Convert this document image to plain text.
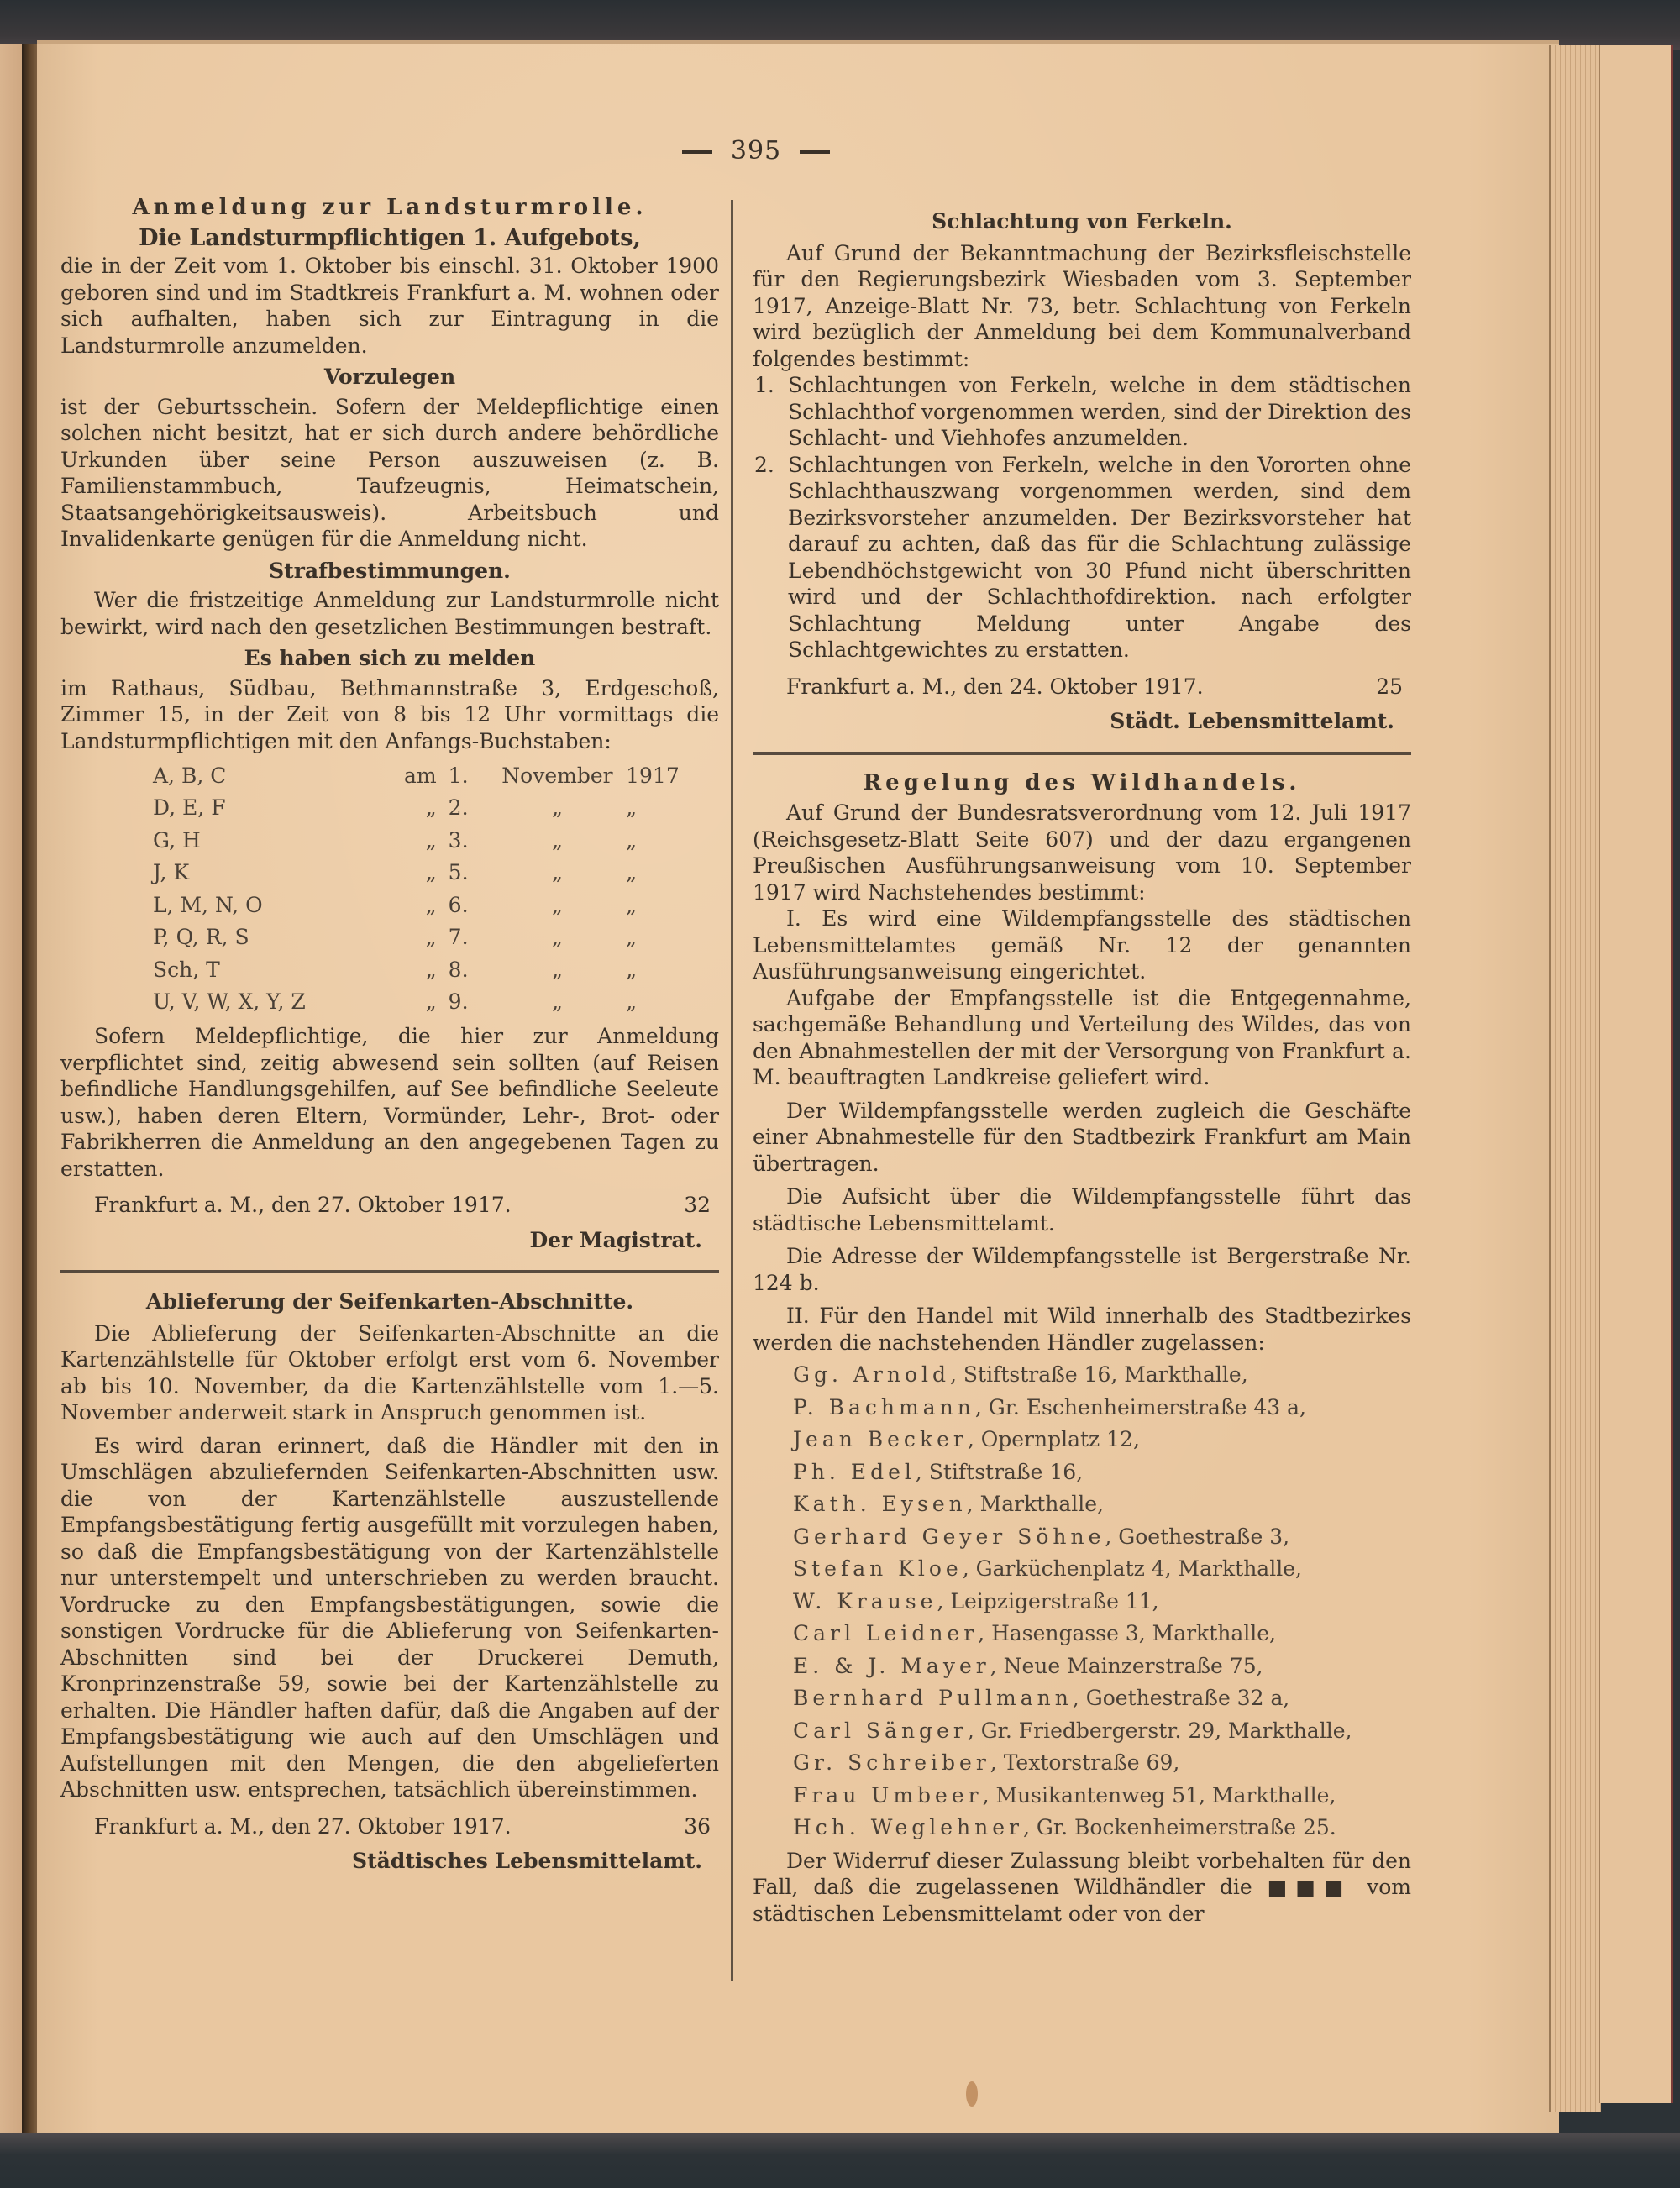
395
Anmeldung zur Landsturmrolle.
Die Landsturmpflichtigen 1. Aufgebots,

die in der Zeit vom 1. Oktober bis einschl. 31. Oktober 1900 geboren sind und im Stadtkreis Frankfurt a. M. wohnen oder sich aufhalten, haben sich zur Eintragung in die Landsturmrolle anzumelden.

Vorzulegen

ist der Geburtsschein. Sofern der Meldepflichtige einen solchen nicht besitzt, hat er sich durch andere behördliche Urkunden über seine Person auszuweisen (z. B. Familienstammbuch, Taufzeugnis, Heimatschein, Staatsangehörigkeitsausweis). Arbeitsbuch und Invalidenkarte genügen für die Anmeldung nicht.

Strafbestimmungen.

Wer die fristzeitige Anmeldung zur Landsturmrolle nicht bewirkt, wird nach den gesetzlichen Bestimmungen bestraft.

Es haben sich zu melden

im Rathaus, Südbau, Bethmannstraße 3, Erdgeschoß, Zimmer 15, in der Zeit von 8 bis 12 Uhr vormittags die Landsturmpflichtigen mit den Anfangs-Buchstaben:

A, B, C	am 1.	November 1917
D, E, F	„ 2.	„	„
G, H	„ 3.	„	„
J, K	„ 5.	„	„
L, M, N, O	„ 6.	„	„
P, Q, R, S	„ 7.	„	„
Sch, T	„ 8.	„	„
U, V, W, X, Y, Z	„ 9.	„	„

Sofern Meldepflichtige, die hier zur Anmeldung verpflichtet sind, zeitig abwesend sein sollten (auf Reisen befindliche Handlungsgehilfen, auf See befindliche Seeleute usw.), haben deren Eltern, Vormünder, Lehr-, Brot- oder Fabrikherren die Anmeldung an den angegebenen Tagen zu erstatten.

Frankfurt a. M., den 27. Oktober 1917.	32
Der Magistrat.
Ablieferung der Seifenkarten-Abschnitte.

Die Ablieferung der Seifenkarten-Abschnitte an die Kartenzählstelle für Oktober erfolgt erst vom 6. November ab bis 10. November, da die Kartenzählstelle vom 1.—5. November anderweit stark in Anspruch genommen ist.

Es wird daran erinnert, daß die Händler mit den in Umschlägen abzuliefernden Seifenkarten-Abschnitten usw. die von der Kartenzählstelle auszustellende Empfangsbestätigung fertig ausgefüllt mit vorzulegen haben, so daß die Empfangsbestätigung von der Kartenzählstelle nur unterstempelt und unterschrieben zu werden braucht. Vordrucke zu den Empfangsbestätigungen, sowie die sonstigen Vordrucke für die Ablieferung von Seifenkarten-Abschnitten sind bei der Druckerei Demuth, Kronprinzenstraße 59, sowie bei der Kartenzählstelle zu erhalten. Die Händler haften dafür, daß die Angaben auf der Empfangsbestätigung wie auch auf den Umschlägen und Aufstellungen mit den Mengen, die den abgelieferten Abschnitten usw. entsprechen, tatsächlich übereinstimmen.

Frankfurt a. M., den 27. Oktober 1917.	36
Städtisches Lebensmittelamt.
Schlachtung von Ferkeln.

Auf Grund der Bekanntmachung der Bezirksfleischstelle für den Regierungsbezirk Wiesbaden vom 3. September 1917, Anzeige-Blatt Nr. 73, betr. Schlachtung von Ferkeln wird bezüglich der Anmeldung bei dem Kommunalverband folgendes bestimmt:

1. Schlachtungen von Ferkeln, welche in dem städtischen Schlachthof vorgenommen werden, sind der Direktion des Schlacht- und Viehhofes anzumelden.
2. Schlachtungen von Ferkeln, welche in den Vororten ohne Schlachthauszwang vorgenommen werden, sind dem Bezirksvorsteher anzumelden. Der Bezirksvorsteher hat darauf zu achten, daß das für die Schlachtung zulässige Lebendhöchstgewicht von 30 Pfund nicht überschritten wird und der Schlachthofdirektion. nach erfolgter Schlachtung Meldung unter Angabe des Schlachtgewichtes zu erstatten.
Frankfurt a. M., den 24. Oktober 1917.	25
Städt. Lebensmittelamt.
Regelung des Wildhandels.

Auf Grund der Bundesratsverordnung vom 12. Juli 1917 (Reichsgesetz-Blatt Seite 607) und der dazu ergangenen Preußischen Ausführungsanweisung vom 10. September 1917 wird Nachstehendes bestimmt:

I. Es wird eine Wildempfangsstelle des städtischen Lebensmittelamtes gemäß Nr. 12 der genannten Ausführungsanweisung eingerichtet.

Aufgabe der Empfangsstelle ist die Entgegennahme, sachgemäße Behandlung und Verteilung des Wildes, das von den Abnahmestellen der mit der Versorgung von Frankfurt a. M. beauftragten Landkreise geliefert wird.

Der Wildempfangsstelle werden zugleich die Geschäfte einer Abnahmestelle für den Stadtbezirk Frankfurt am Main übertragen.

Die Aufsicht über die Wildempfangsstelle führt das städtische Lebensmittelamt.

Die Adresse der Wildempfangsstelle ist Bergerstraße Nr. 124 b.

II. Für den Handel mit Wild innerhalb des Stadtbezirkes werden die nachstehenden Händler zugelassen:

Gg. Arnold, Stiftstraße 16, Markthalle,
P. Bachmann, Gr. Eschenheimerstraße 43 a,
Jean Becker, Opernplatz 12,
Ph. Edel, Stiftstraße 16,
Kath. Eysen, Markthalle,
Gerhard Geyer Söhne, Goethestraße 3,
Stefan Kloe, Garküchenplatz 4, Markthalle,
W. Krause, Leipzigerstraße 11,
Carl Leidner, Hasengasse 3, Markthalle,
E. & J. Mayer, Neue Mainzerstraße 75,
Bernhard Pullmann, Goethestraße 32 a,
Carl Sänger, Gr. Friedbergerstr. 29, Markthalle,
Gr. Schreiber, Textorstraße 69,
Frau Umbeer, Musikantenweg 51, Markthalle,
Hch. Weglehner, Gr. Bockenheimerstraße 25.

Der Widerruf dieser Zulassung bleibt vorbehalten für den Fall, daß die zugelassenen Wildhändler die ■■■ vom städtischen Lebensmittelamt oder von der
